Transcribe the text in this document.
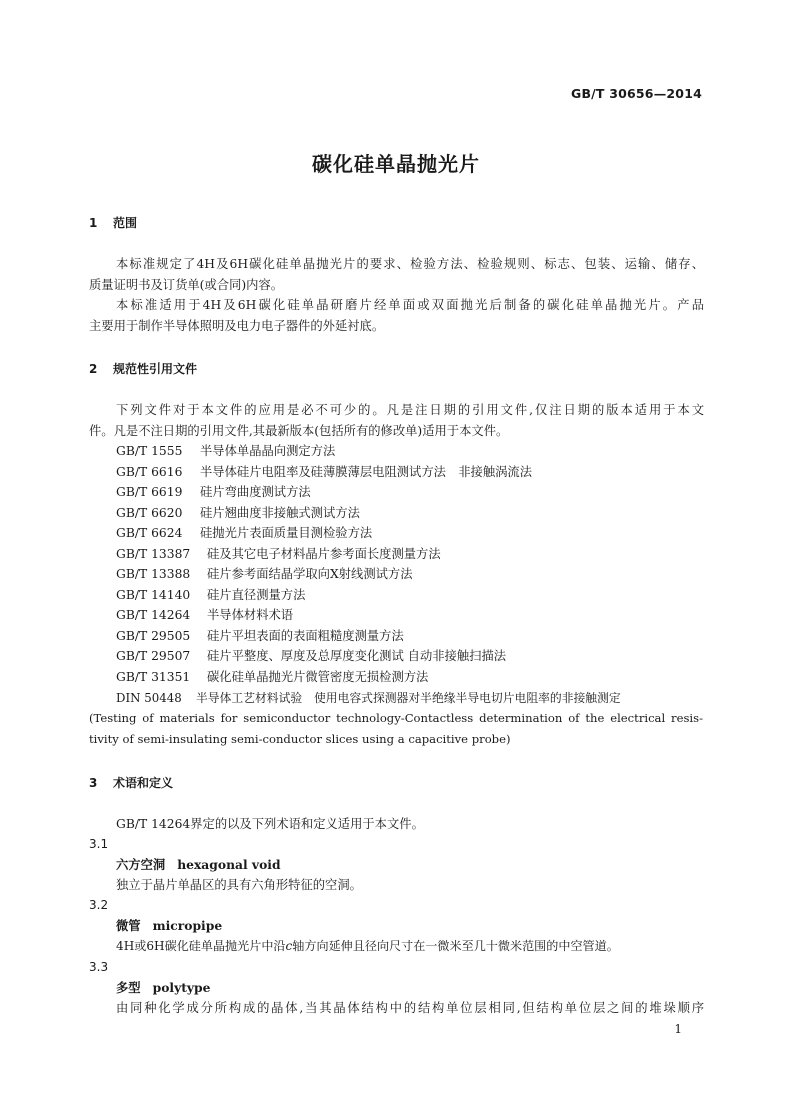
GB/T 30656—2014
碳化硅单晶抛光片
1 范围
本标准规定了4H及6H碳化硅单晶抛光片的要求、检验方法、检验规则、标志、包装、运输、储存、
质量证明书及订货单(或合同)内容。
本标准适用于4H及6H碳化硅单晶研磨片经单面或双面抛光后制备的碳化硅单晶抛光片。产品
主要用于制作半导体照明及电力电子器件的外延衬底。
2 规范性引用文件
下列文件对于本文件的应用是必不可少的。凡是注日期的引用文件,仅注日期的版本适用于本文
件。凡是不注日期的引用文件,其最新版本(包括所有的修改单)适用于本文件。
GB/T 1555 半导体单晶晶向测定方法
GB/T 6616 半导体硅片电阻率及硅薄膜薄层电阻测试方法　非接触涡流法
GB/T 6619 硅片弯曲度测试方法
GB/T 6620 硅片翘曲度非接触式测试方法
GB/T 6624 硅抛光片表面质量目测检验方法
GB/T 13387 硅及其它电子材料晶片参考面长度测量方法
GB/T 13388 硅片参考面结晶学取向X射线测试方法
GB/T 14140 硅片直径测量方法
GB/T 14264 半导体材料术语
GB/T 29505 硅片平坦表面的表面粗糙度测量方法
GB/T 29507 硅片平整度、厚度及总厚度变化测试 自动非接触扫描法
GB/T 31351 碳化硅单晶抛光片微管密度无损检测方法
DIN 50448 半导体工艺材料试验　使用电容式探测器对半绝缘半导电切片电阻率的非接触测定
(Testing of materials for semiconductor technology-Contactless determination of the electrical resis-
tivity of semi-insulating semi-conductor slices using a capacitive probe)
3 术语和定义
GB/T 14264界定的以及下列术语和定义适用于本文件。
3.1
六方空洞 hexagonal void
独立于晶片单晶区的具有六角形特征的空洞。
3.2
微管 micropipe
4H或6H碳化硅单晶抛光片中沿c轴方向延伸且径向尺寸在一微米至几十微米范围的中空管道。
3.3
多型 polytype
由同种化学成分所构成的晶体,当其晶体结构中的结构单位层相同,但结构单位层之间的堆垛顺序
1
